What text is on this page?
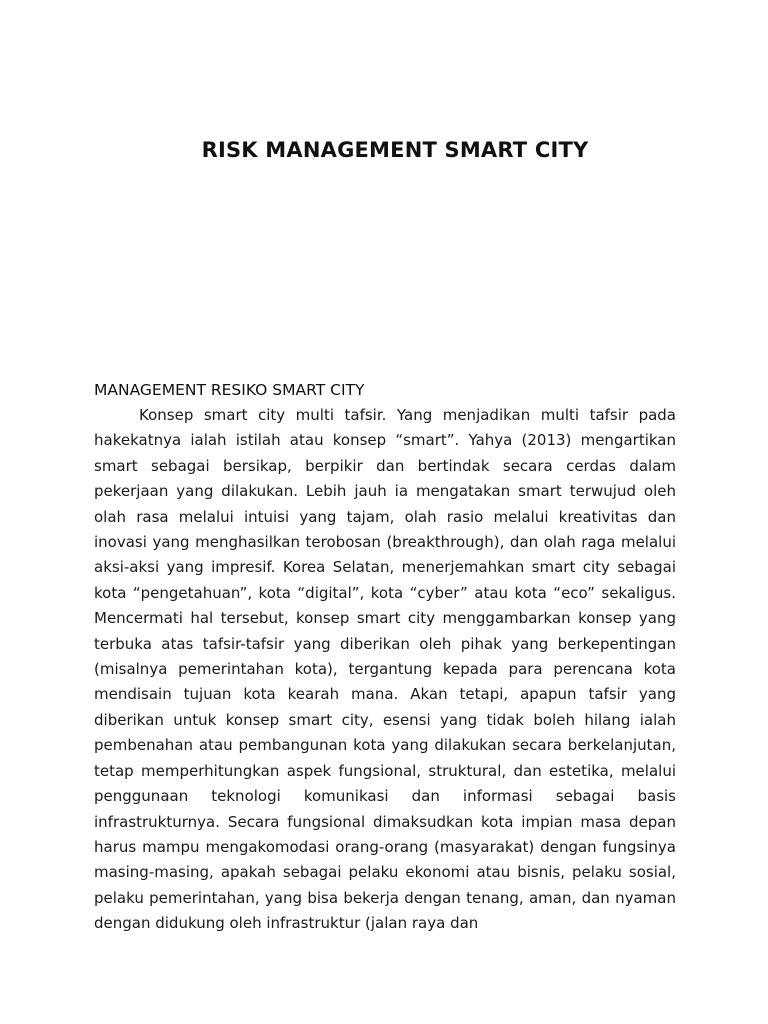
RISK MANAGEMENT SMART CITY
MANAGEMENT RESIKO SMART CITY

Konsep smart city multi tafsir. Yang menjadikan multi tafsir pada hakekatnya ialah istilah atau konsep “smart”. Yahya (2013) mengartikan smart sebagai bersikap, berpikir dan bertindak secara cerdas dalam pekerjaan yang dilakukan. Lebih jauh ia mengatakan smart terwujud oleh olah rasa melalui intuisi yang tajam, olah rasio melalui kreativitas dan inovasi yang menghasilkan terobosan (breakthrough), dan olah raga melalui aksi-aksi yang impresif. Korea Selatan, menerjemahkan smart city sebagai kota “pengetahuan”, kota “digital”, kota “cyber” atau kota “eco” sekaligus. Mencermati hal tersebut, konsep smart city menggambarkan konsep yang terbuka atas tafsir-tafsir yang diberikan oleh pihak yang berkepentingan (misalnya pemerintahan kota), tergantung kepada para perencana kota mendisain tujuan kota kearah mana. Akan tetapi, apapun tafsir yang diberikan untuk konsep smart city, esensi yang tidak boleh hilang ialah pembenahan atau pembangunan kota yang dilakukan secara berkelanjutan, tetap memperhitungkan aspek fungsional, struktural, dan estetika, melalui penggunaan teknologi komunikasi dan informasi sebagai basis infrastrukturnya. Secara fungsional dimaksudkan kota impian masa depan harus mampu mengakomodasi orang-orang (masyarakat) dengan fungsinya masing-masing, apakah sebagai pelaku ekonomi atau bisnis, pelaku sosial, pelaku pemerintahan, yang bisa bekerja dengan tenang, aman, dan nyaman dengan didukung oleh infrastruktur (jalan raya dan
